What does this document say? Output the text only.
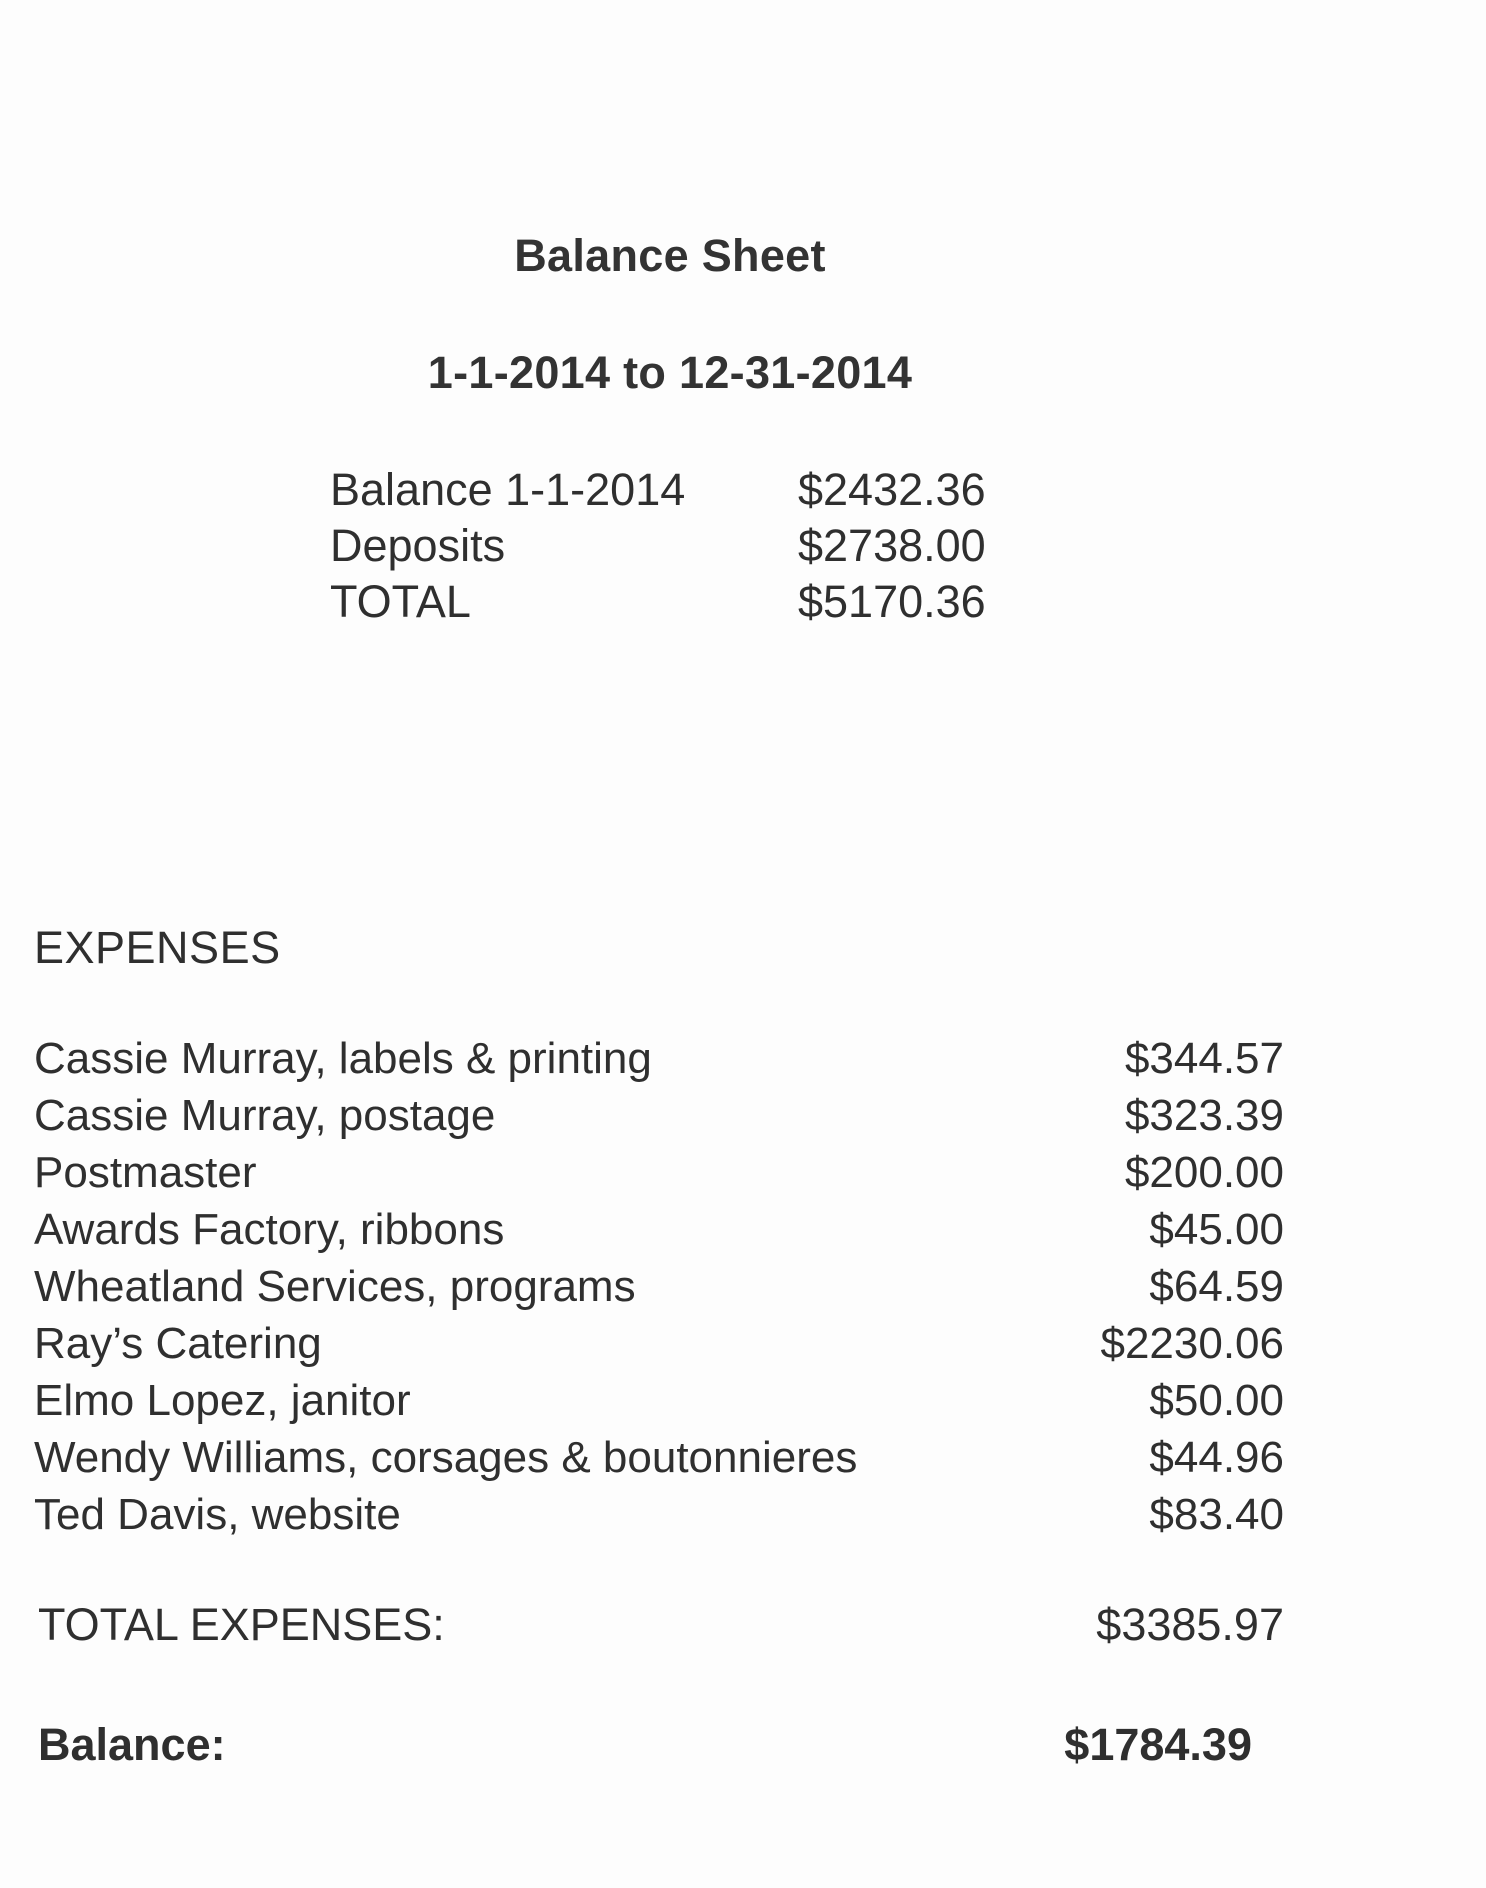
Balance Sheet
1-1-2014 to 12-31-2014
Balance 1-1-2014	$2432.36
Deposits	$2738.00
TOTAL	$5170.36
EXPENSES
Cassie Murray, labels & printing	$344.57
Cassie Murray, postage	$323.39
Postmaster	$200.00
Awards Factory, ribbons	$45.00
Wheatland Services, programs	$64.59
Ray’s Catering	$2230.06
Elmo Lopez, janitor	$50.00
Wendy Williams, corsages & boutonnieres	$44.96
Ted Davis, website	$83.40
TOTAL EXPENSES:	$3385.97
Balance:	$1784.39
